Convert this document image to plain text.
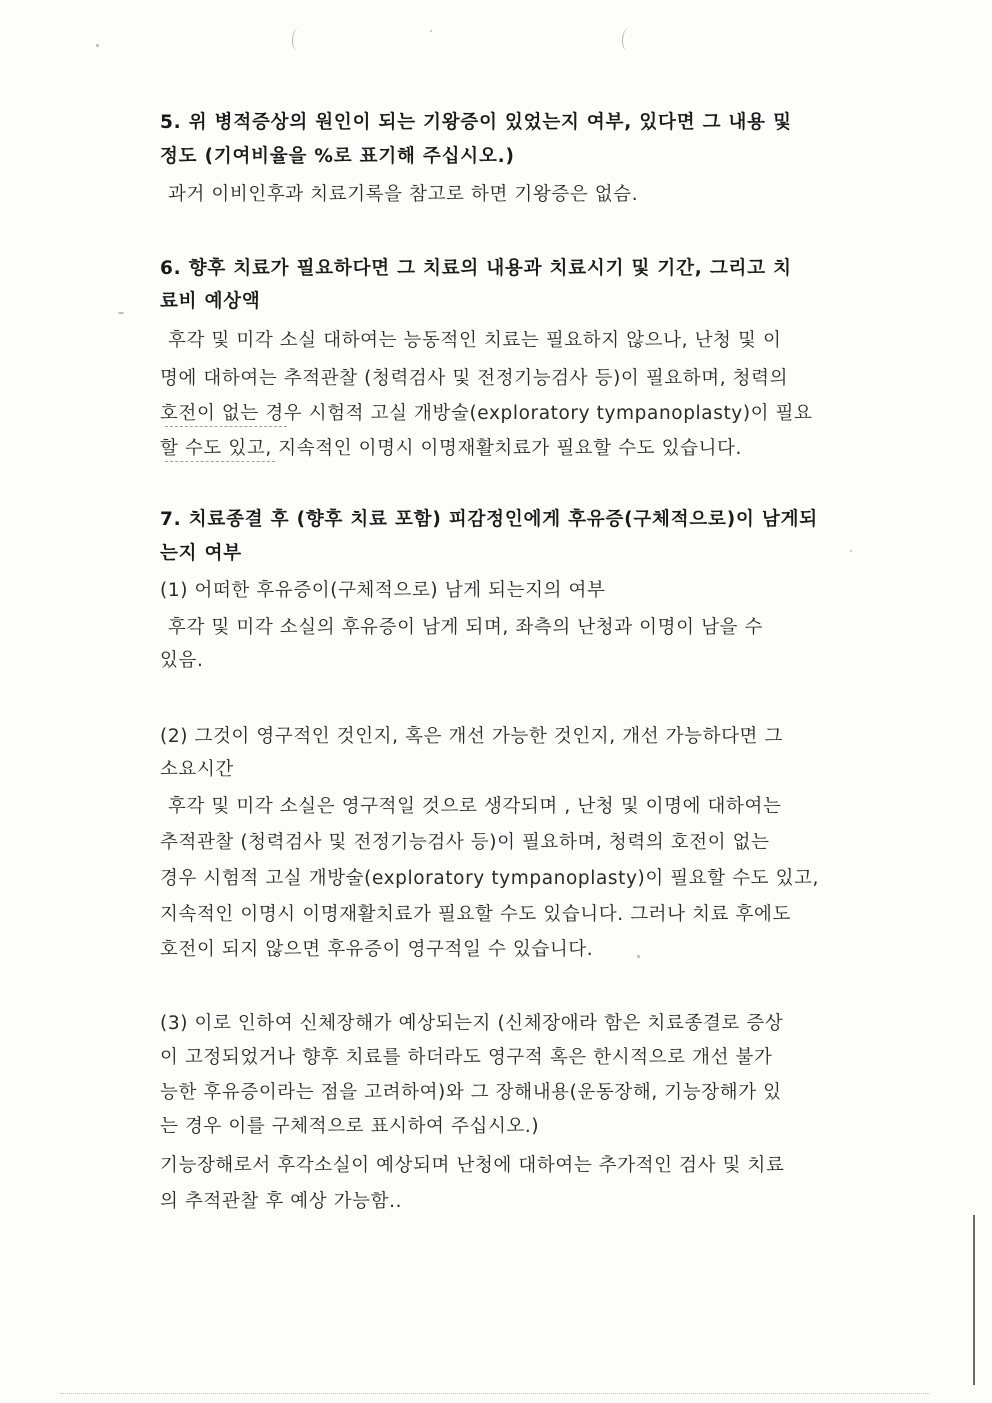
5. 위 병적증상의 원인이 되는 기왕증이 있었는지 여부, 있다면 그 내용 및
정도 (기여비율을 %로 표기해 주십시오.)
과거 이비인후과 치료기록을 참고로 하면 기왕증은 없슴.
6. 향후 치료가 필요하다면 그 치료의 내용과 치료시기 및 기간, 그리고 치
료비 예상액
후각 및 미각 소실 대하여는 능동적인 치료는 필요하지 않으나, 난청 및 이
명에 대하여는 추적관찰 (청력검사 및 전정기능검사 등)이 필요하며, 청력의
호전이 없는 경우 시험적 고실 개방술(exploratory tympanoplasty)이 필요
할 수도 있고, 지속적인 이명시 이명재활치료가 필요할 수도 있습니다.
7. 치료종결 후 (향후 치료 포함) 피감정인에게 후유증(구체적으로)이 남게되
는지 여부
(1) 어떠한 후유증이(구체적으로) 남게 되는지의 여부
후각 및 미각 소실의 후유증이 남게 되며, 좌측의 난청과 이명이 남을 수
있음.
(2) 그것이 영구적인 것인지, 혹은 개선 가능한 것인지, 개선 가능하다면 그
소요시간
후각 및 미각 소실은 영구적일 것으로 생각되며 , 난청 및 이명에 대하여는
추적관찰 (청력검사 및 전정기능검사 등)이 필요하며, 청력의 호전이 없는
경우 시험적 고실 개방술(exploratory tympanoplasty)이 필요할 수도 있고,
지속적인 이명시 이명재활치료가 필요할 수도 있습니다. 그러나 치료 후에도
호전이 되지 않으면 후유증이 영구적일 수 있습니다.
(3) 이로 인하여 신체장해가 예상되는지 (신체장애라 함은 치료종결로 증상
이 고정되었거나 향후 치료를 하더라도 영구적 혹은 한시적으로 개선 불가
능한 후유증이라는 점을 고려하여)와 그 장해내용(운동장해, 기능장해가 있
는 경우 이를 구체적으로 표시하여 주십시오.)
기능장해로서 후각소실이 예상되며 난청에 대하여는 추가적인 검사 및 치료
의 추적관찰 후 예상 가능함..
